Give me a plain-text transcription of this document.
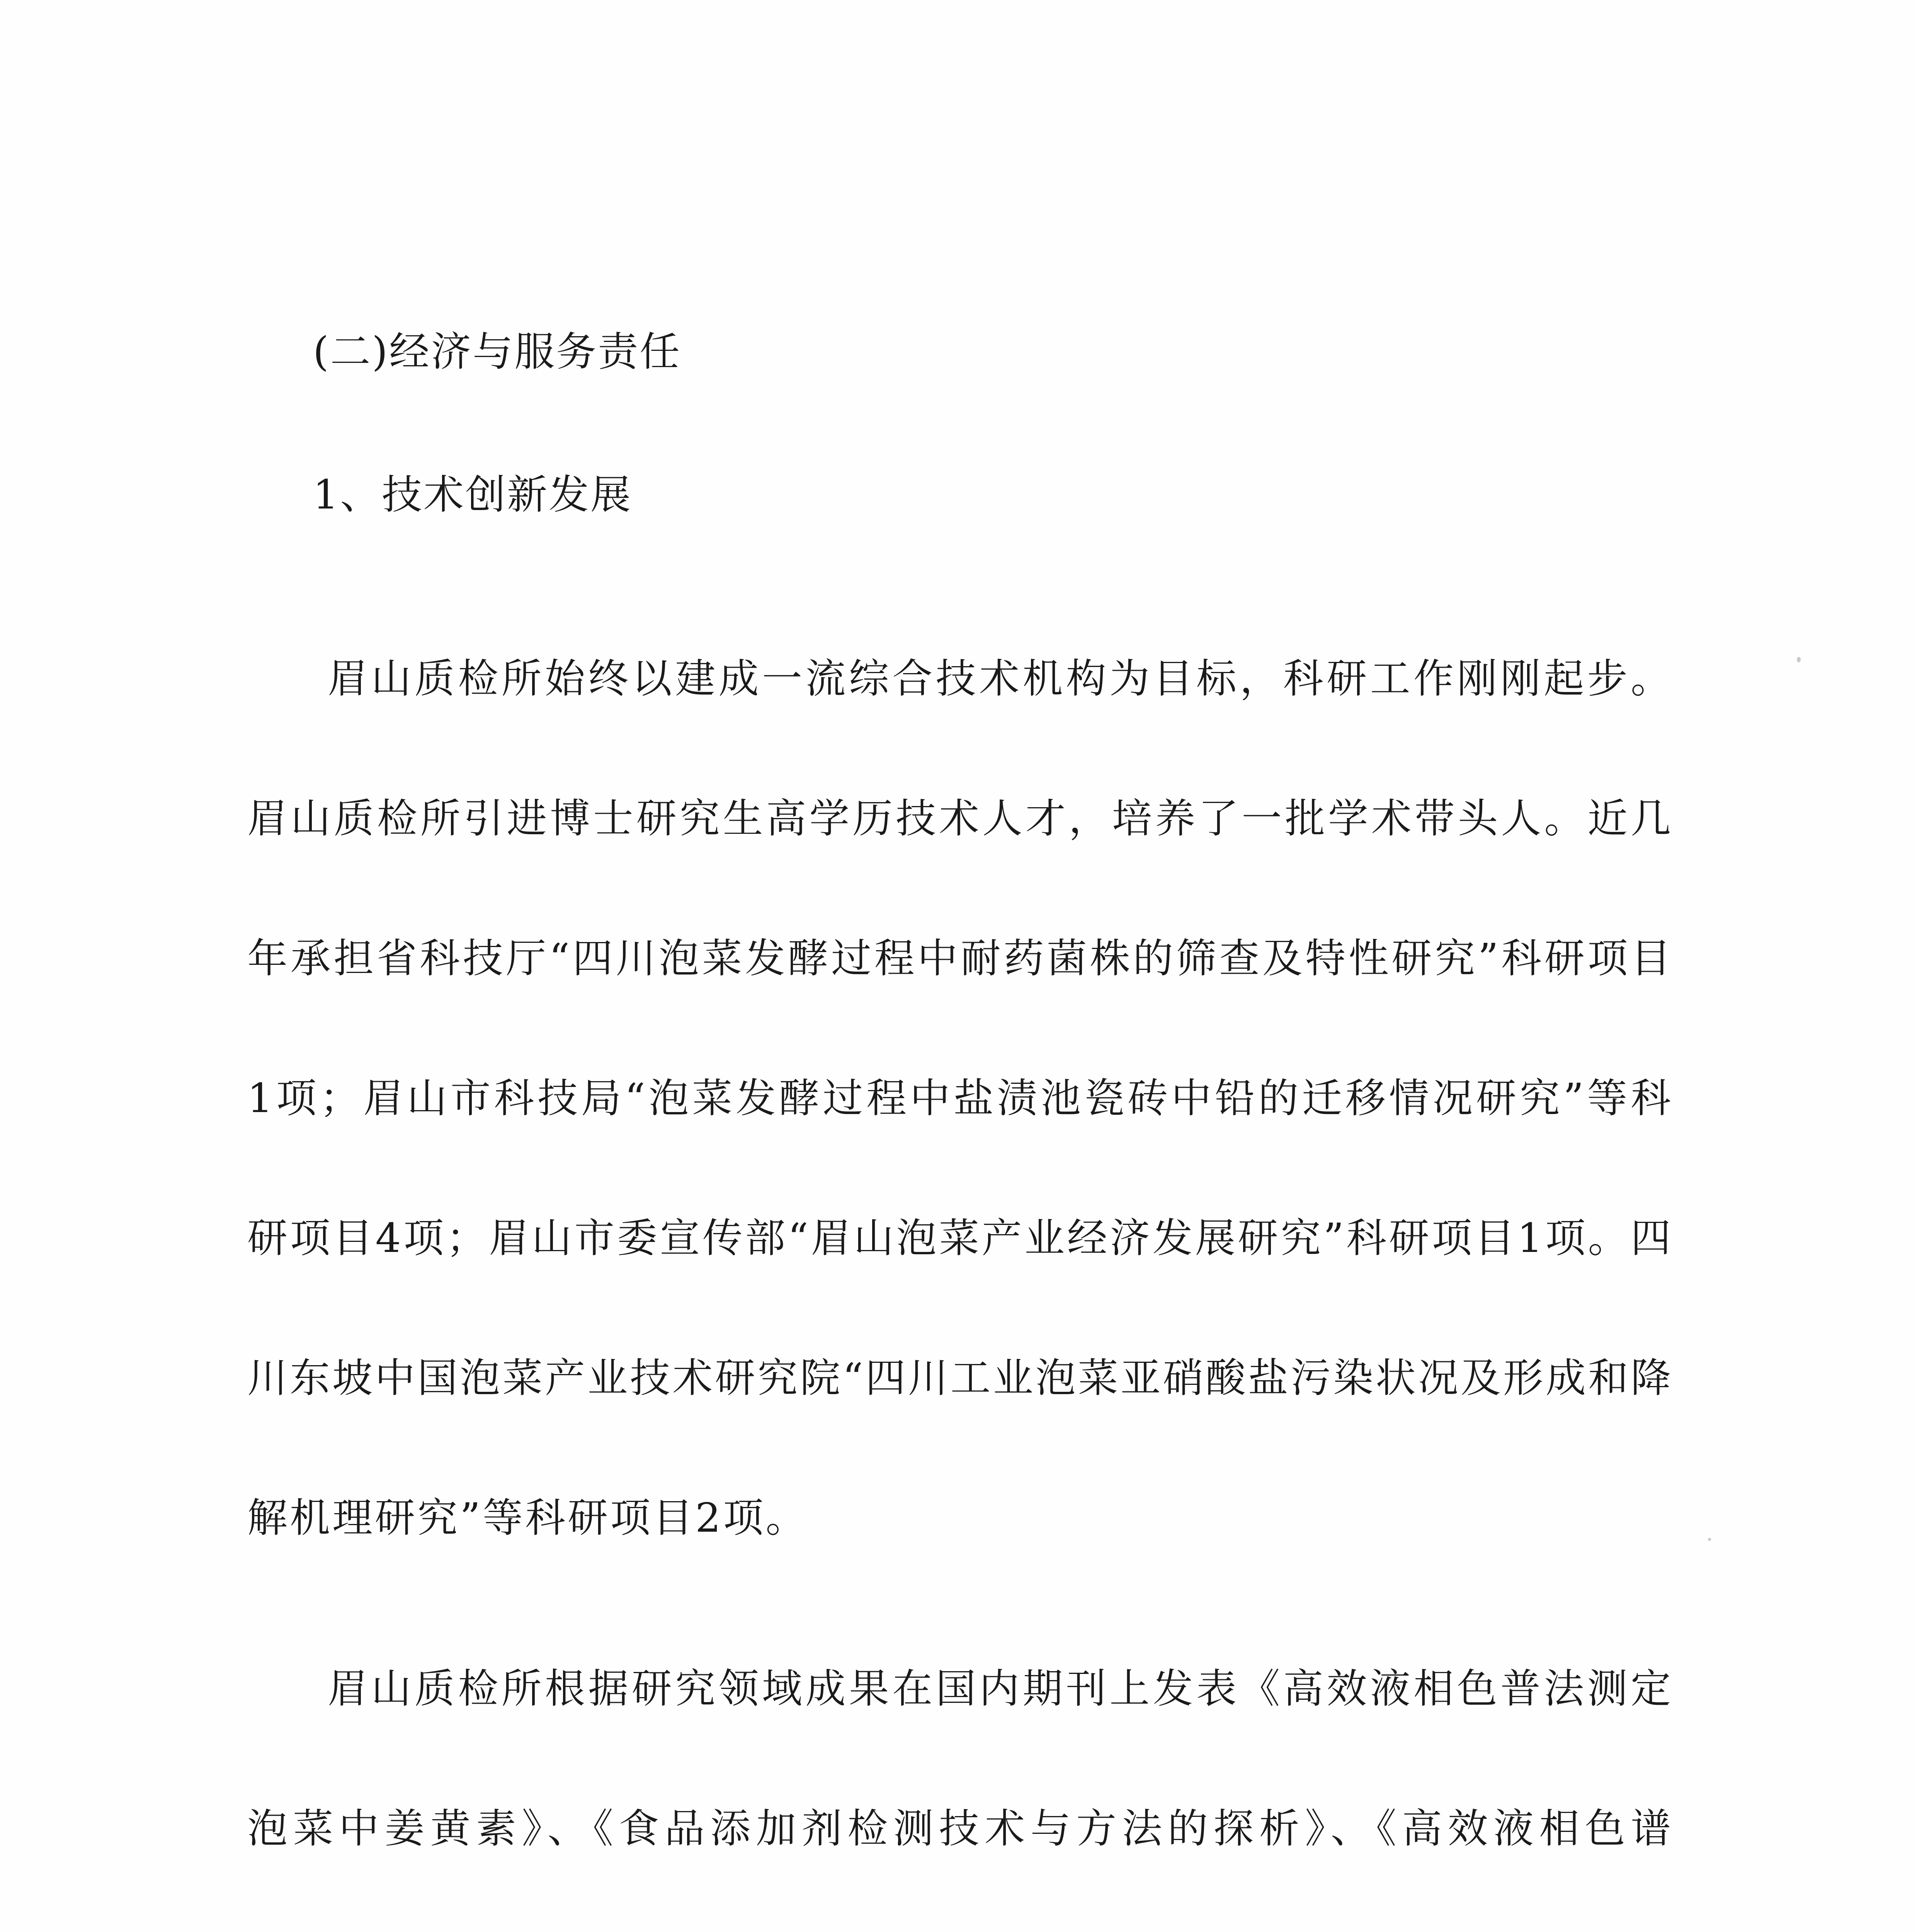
(二)经济与服务责任

1、技术创新发展

眉山质检所始终以建成一流综合技术机构为目标，科研工作刚刚起步。眉山质检所引进博士研究生高学历技术人才，培养了一批学术带头人。近几年承担省科技厅“四川泡菜发酵过程中耐药菌株的筛查及特性研究”科研项目1项；眉山市科技局“泡菜发酵过程中盐渍池瓷砖中铅的迁移情况研究”等科研项目4项；眉山市委宣传部“眉山泡菜产业经济发展研究”科研项目1项。四川东坡中国泡菜产业技术研究院“四川工业泡菜亚硝酸盐污染状况及形成和降解机理研究”等科研项目2项。

眉山质检所根据研究领域成果在国内期刊上发表《高效液相色普法测定泡菜中姜黄素》、《食品添加剂检测技术与方法的探析》、《高效液相色谱
